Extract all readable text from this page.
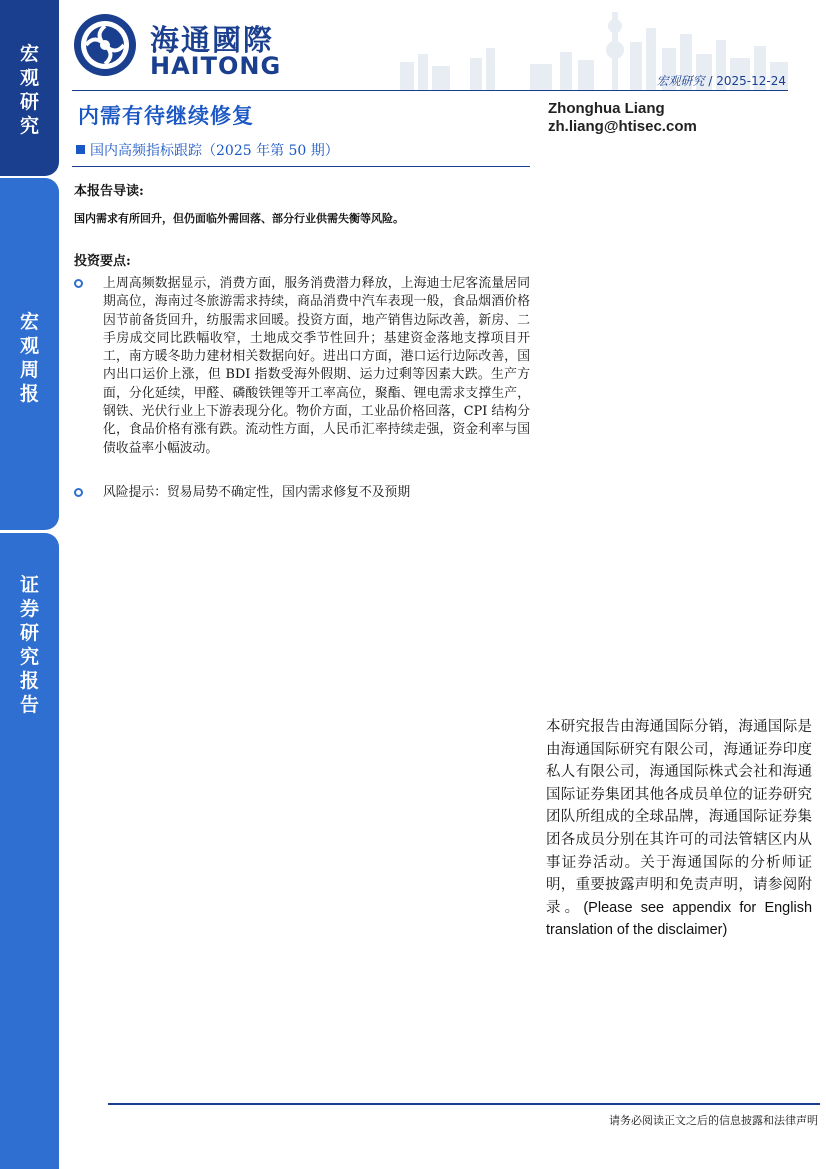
宏观研究
宏观周报
证券研究报告
海通國際
HAITONG
宏观研究 / 2025-12-24
内需有待继续修复
国内高频指标跟踪（2025 年第 50 期）
Zhonghua Liang
zh.liang@htisec.com
本报告导读:
国内需求有所回升，但仍面临外需回落、部分行业供需失衡等风险。
投资要点:
上周高频数据显示，消费方面，服务消费潜力释放，上海迪士尼客流量居同期高位，海南过冬旅游需求持续，商品消费中汽车表现一般，食品烟酒价格因节前备货回升，纺服需求回暖。投资方面，地产销售边际改善，新房、二手房成交同比跌幅收窄，土地成交季节性回升；基建资金落地支撑项目开工，南方暖冬助力建材相关数据向好。进出口方面，港口运行边际改善，国内出口运价上涨，但 BDI 指数受海外假期、运力过剩等因素大跌。生产方面，分化延续，甲醛、磷酸铁锂等开工率高位，聚酯、锂电需求支撑生产，钢铁、光伏行业上下游表现分化。物价方面，工业品价格回落，CPI 结构分化，食品价格有涨有跌。流动性方面，人民币汇率持续走强，资金利率与国债收益率小幅波动。
风险提示：贸易局势不确定性，国内需求修复不及预期
本研究报告由海通国际分销，海通国际是由海通国际研究有限公司，海通证券印度私人有限公司，海通国际株式会社和海通国际证券集团其他各成员单位的证券研究团队所组成的全球品牌，海通国际证券集团各成员分别在其许可的司法管辖区内从事证券活动。关于海通国际的分析师证明，重要披露声明和免责声明，请参阅附录。(Please see appendix for English translation of the disclaimer)
请务必阅读正文之后的信息披露和法律声明
